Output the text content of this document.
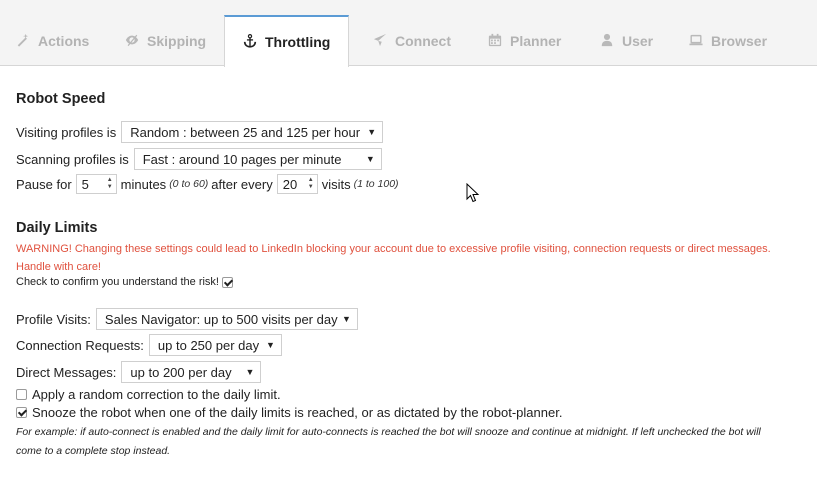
Actions	Skipping	Throttling	Connect	Planner	User	Browser
Robot Speed
Visiting profiles is Random : between 25 and 125 per hour ▼
Scanning profiles is Fast : around 10 pages per minute	▼
Pause for 5	▲
▼ minutes (0 to 60) after every 20 ▲
▼ visits (1 to 100)
Daily Limits
WARNING! Changing these settings could lead to LinkedIn blocking your account due to excessive profile visiting, connection requests or direct messages.
Handle with care!
Check to confirm you understand the risk!
Profile Visits: Sales Navigator: up to 500 visits per day ▼
Connection Requests: up to 250 per day ▼
Direct Messages: up to 200 per day ▼
Apply a random correction to the daily limit.
Snooze the robot when one of the daily limits is reached, or as dictated by the robot-planner.
For example: if auto-connect is enabled and the daily limit for auto-connects is reached the bot will snooze and continue at midnight. If left unchecked the bot will
come to a complete stop instead.
